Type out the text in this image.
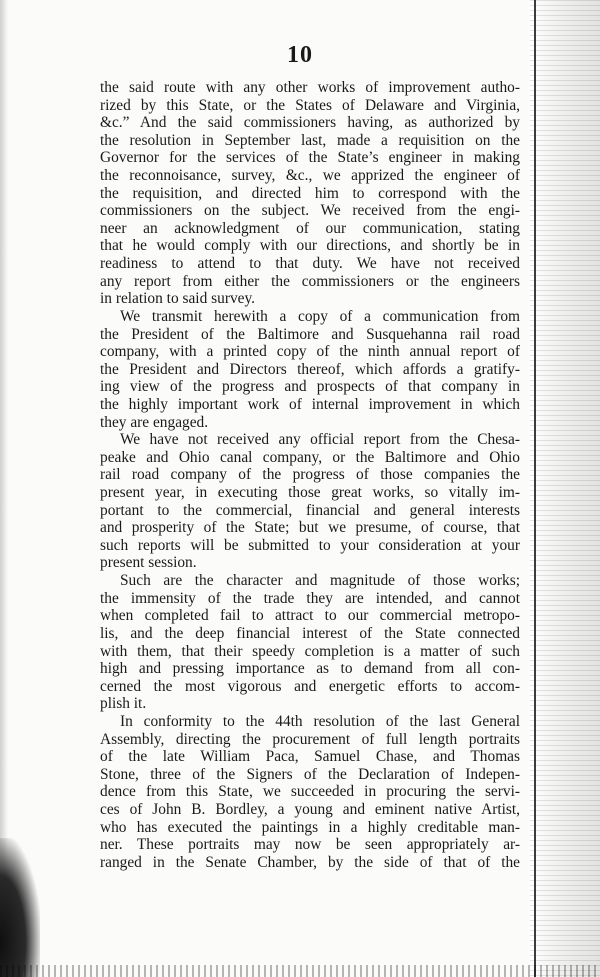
10
the said route with any other works of improvement autho-
rized by this State, or the States of Delaware and Virginia,
&c.” And the said commissioners having, as authorized by
the resolution in September last, made a requisition on the
Governor for the services of the State’s engineer in making
the reconnoisance, survey, &c., we apprized the engineer of
the requisition, and directed him to correspond with the
commissioners on the subject. We received from the engi-
neer an acknowledgment of our communication, stating
that he would comply with our directions, and shortly be in
readiness to attend to that duty. We have not received
any report from either the commissioners or the engineers
in relation to said survey.
We transmit herewith a copy of a communication from
the President of the Baltimore and Susquehanna rail road
company, with a printed copy of the ninth annual report of
the President and Directors thereof, which affords a gratify-
ing view of the progress and prospects of that company in
the highly important work of internal improvement in which
they are engaged.
We have not received any official report from the Chesa-
peake and Ohio canal company, or the Baltimore and Ohio
rail road company of the progress of those companies the
present year, in executing those great works, so vitally im-
portant to the commercial, financial and general interests
and prosperity of the State; but we presume, of course, that
such reports will be submitted to your consideration at your
present session.
Such are the character and magnitude of those works;
the immensity of the trade they are intended, and cannot
when completed fail to attract to our commercial metropo-
lis, and the deep financial interest of the State connected
with them, that their speedy completion is a matter of such
high and pressing importance as to demand from all con-
cerned the most vigorous and energetic efforts to accom-
plish it.
In conformity to the 44th resolution of the last General
Assembly, directing the procurement of full length portraits
of the late William Paca, Samuel Chase, and Thomas
Stone, three of the Signers of the Declaration of Indepen-
dence from this State, we succeeded in procuring the servi-
ces of John B. Bordley, a young and eminent native Artist,
who has executed the paintings in a highly creditable man-
ner. These portraits may now be seen appropriately ar-
ranged in the Senate Chamber, by the side of that of the
